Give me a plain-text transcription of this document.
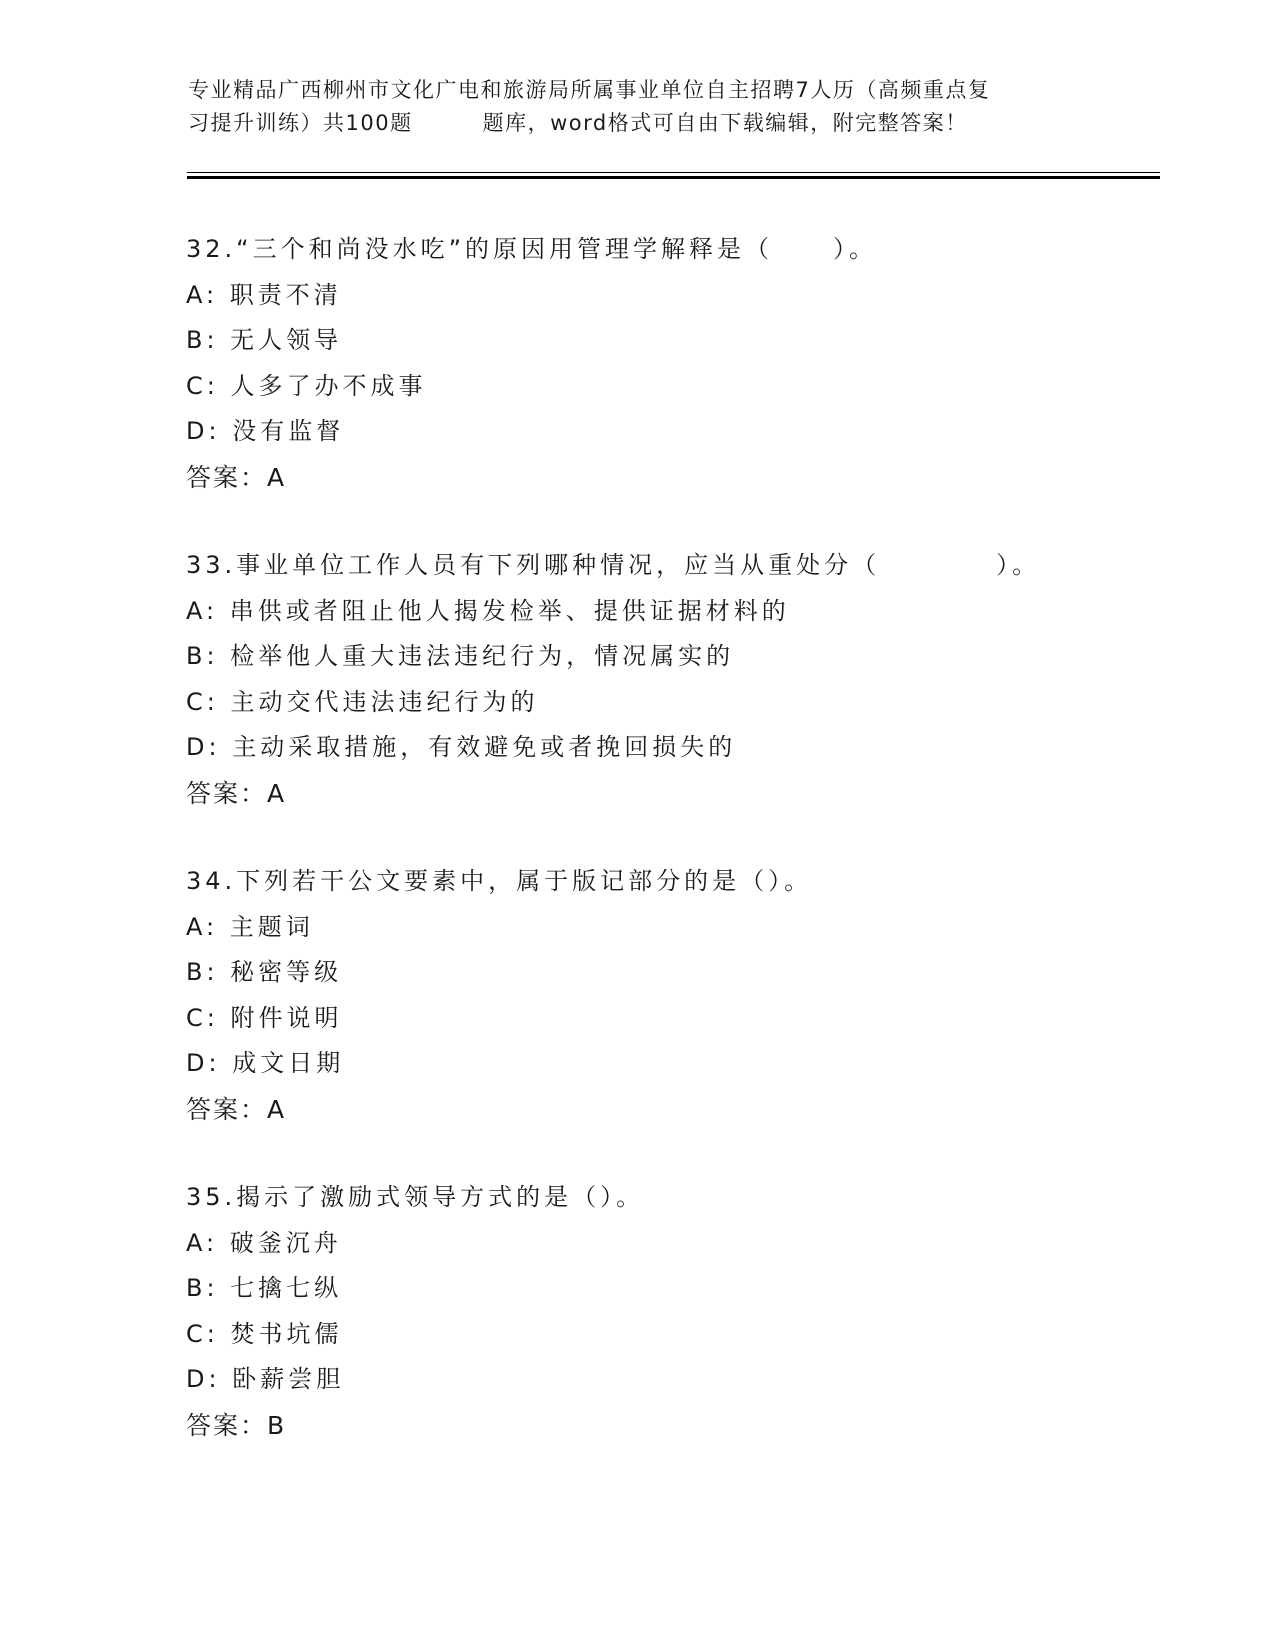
专业精品广西柳州市文化广电和旅游局所属事业单位自主招聘7人历（高频重点复
习提升训练）共100题	题库，word格式可自由下载编辑，附完整答案！
32.“三个和尚没水吃”的原因用管理学解释是（	）。
A: 职责不清
B: 无人领导
C: 人多了办不成事
D: 没有监督
答案：A
33.事业单位工作人员有下列哪种情况，应当从重处分（	）。
A: 串供或者阻止他人揭发检举、提供证据材料的
B: 检举他人重大违法违纪行为，情况属实的
C: 主动交代违法违纪行为的
D: 主动采取措施，有效避免或者挽回损失的
答案：A
34.下列若干公文要素中，属于版记部分的是（）。
A: 主题词
B: 秘密等级
C: 附件说明
D: 成文日期
答案：A
35.揭示了激励式领导方式的是（）。
A: 破釜沉舟
B: 七擒七纵
C: 焚书坑儒
D: 卧薪尝胆
答案：B
